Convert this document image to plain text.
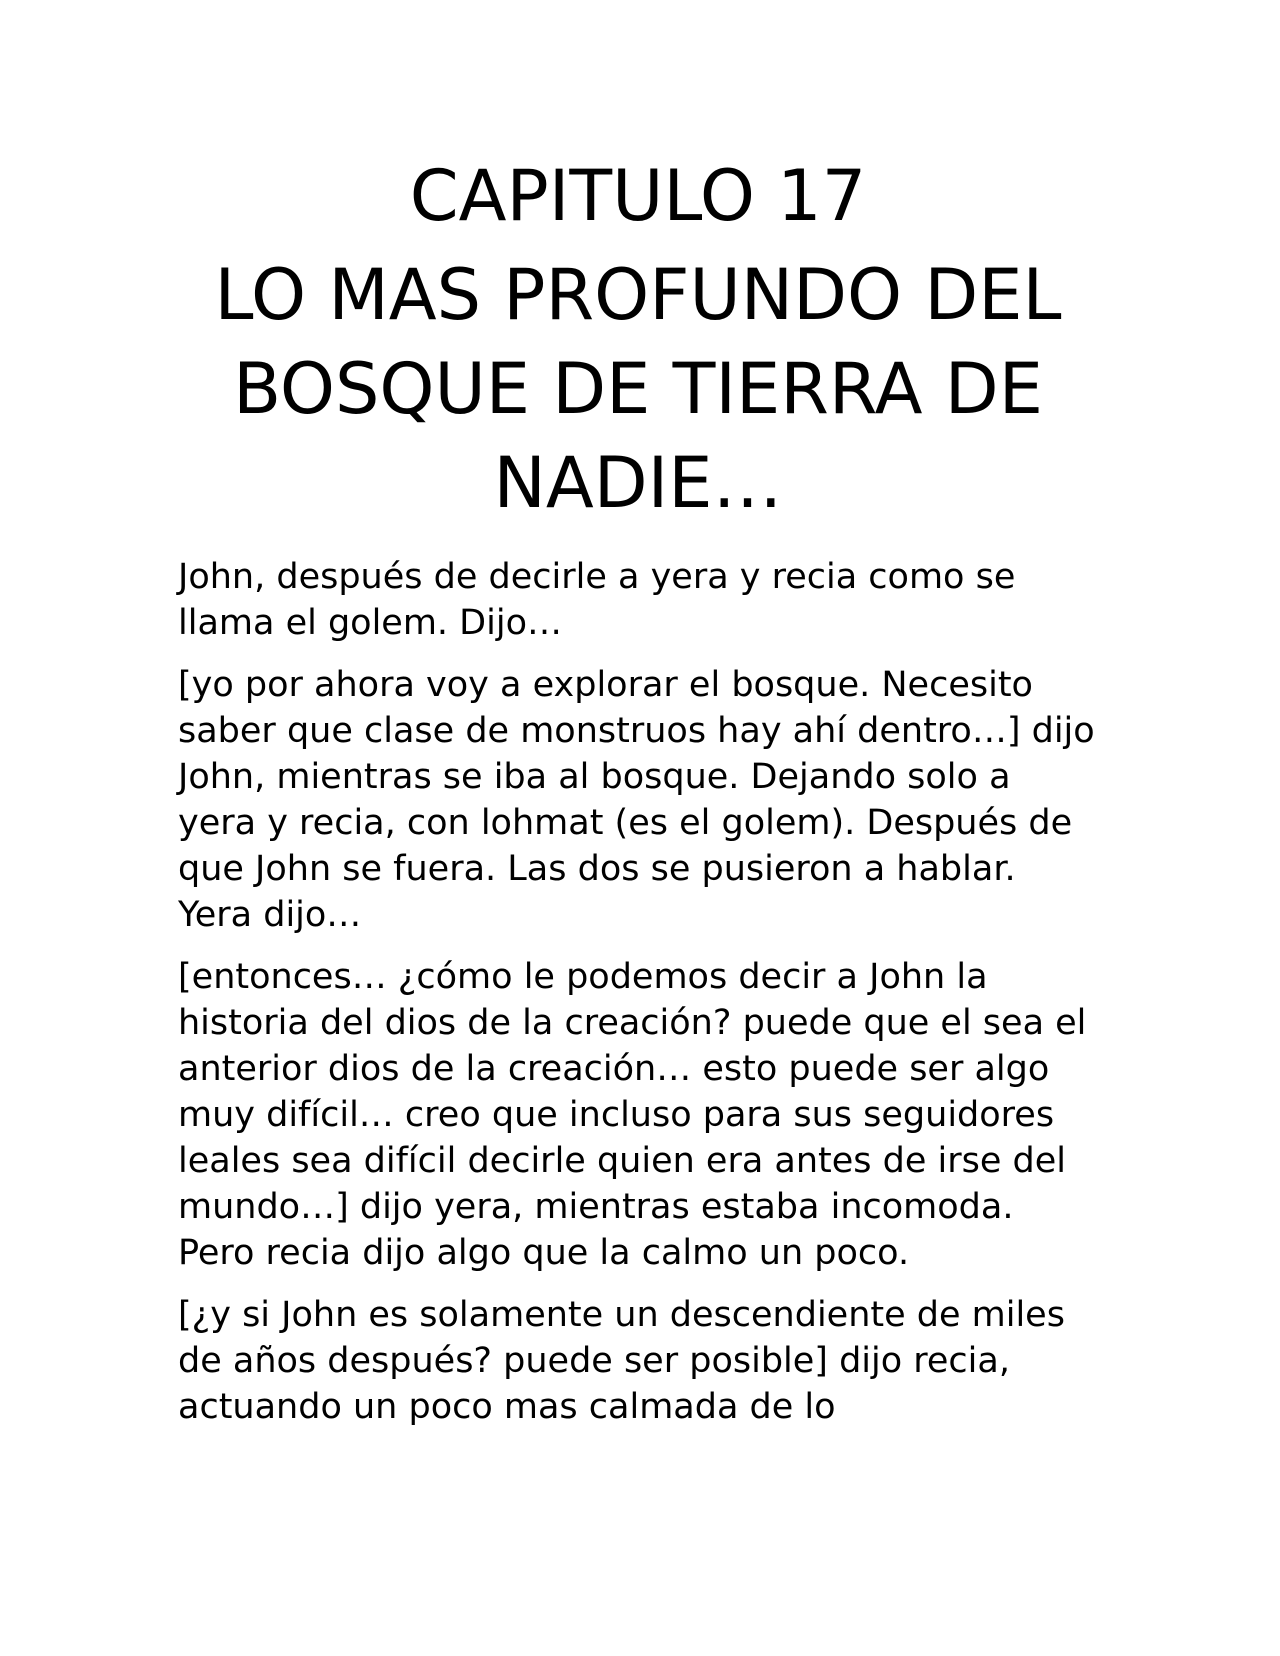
CAPITULO 17
LO MAS PROFUNDO DEL BOSQUE DE TIERRA DE NADIE…

John, después de decirle a yera y recia como se llama el golem. Dijo…

[yo por ahora voy a explorar el bosque. Necesito saber que clase de monstruos hay ahí dentro…] dijo John, mientras se iba al bosque. Dejando solo a yera y recia, con lohmat (es el golem). Después de que John se fuera. Las dos se pusieron a hablar. Yera dijo…

[entonces… ¿cómo le podemos decir a John la historia del dios de la creación? puede que el sea el anterior dios de la creación… esto puede ser algo muy difícil… creo que incluso para sus seguidores leales sea difícil decirle quien era antes de irse del mundo…] dijo yera, mientras estaba incomoda. Pero recia dijo algo que la calmo un poco.

[¿y si John es solamente un descendiente de miles de años después? puede ser posible] dijo recia, actuando un poco mas calmada de lo
